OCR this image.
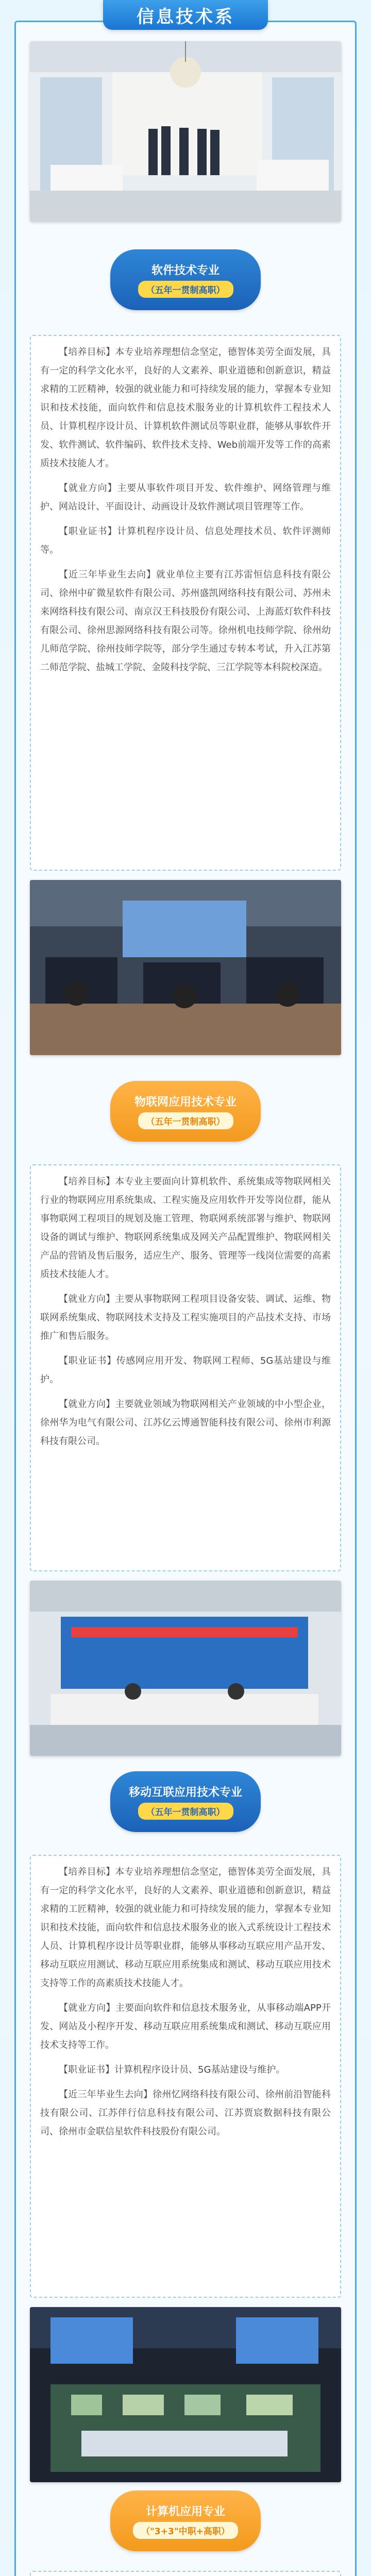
信息技术系
软件技术专业
（五年一贯制高职）

【培养目标】本专业培养理想信念坚定，德智体美劳全面发展，具有一定的科学文化水平，良好的人文素养、职业道德和创新意识，精益求精的工匠精神，较强的就业能力和可持续发展的能力，掌握本专业知识和技术技能，面向软件和信息技术服务业的计算机软件工程技术人员、计算机程序设计员、计算机软件测试员等职业群，能够从事软件开发、软件测试、软件编码、软件技术支持、Web前端开发等工作的高素质技术技能人才。

【就业方向】主要从事软件项目开发、软件维护、网络管理与维护、网站设计、平面设计、动画设计及软件测试项目管理等工作。

【职业证书】计算机程序设计员、信息处理技术员、软件评测师等。

【近三年毕业生去向】就业单位主要有江苏雷恒信息科技有限公司、徐州中矿微星软件有限公司、苏州盛凯网络科技有限公司、苏州未来网络科技有限公司、南京汉王科技股份有限公司、上海蓝灯软件科技有限公司、徐州思源网络科技有限公司等。徐州机电技师学院、徐州幼儿师范学院、徐州技师学院等，部分学生通过专转本考试，升入江苏第二师范学院、盐城工学院、金陵科技学院、三江学院等本科院校深造。

物联网应用技术专业
（五年一贯制高职）

【培养目标】本专业主要面向计算机软件、系统集成等物联网相关行业的物联网应用系统集成、工程实施及应用软件开发等岗位群，能从事物联网工程项目的规划及施工管理、物联网系统部署与维护、物联网设备的调试与维护、物联网系统集成及网关产品配置维护、物联网相关产品的营销及售后服务，适应生产、服务、管理等一线岗位需要的高素质技术技能人才。

【就业方向】主要从事物联网工程项目设备安装、调试、运维、物联网系统集成、物联网技术支持及工程实施项目的产品技术支持、市场推广和售后服务。

【职业证书】传感网应用开发、物联网工程师、5G基站建设与维护。

【就业方向】主要就业领域为物联网相关产业领域的中小型企业，徐州华为电气有限公司、江苏亿云博通智能科技有限公司、徐州市利源科技有限公司。

移动互联应用技术专业
（五年一贯制高职）

【培养目标】本专业培养理想信念坚定，德智体美劳全面发展，具有一定的科学文化水平，良好的人文素养、职业道德和创新意识，精益求精的工匠精神，较强的就业能力和可持续发展的能力，掌握本专业知识和技术技能，面向软件和信息技术服务业的嵌入式系统设计工程技术人员、计算机程序设计员等职业群，能够从事移动互联应用产品开发、移动互联应用测试、移动互联应用系统集成和测试、移动互联应用技术支持等工作的高素质技术技能人才。

【就业方向】主要面向软件和信息技术服务业，从事移动端APP开发、网站及小程序开发、移动互联应用系统集成和测试、移动互联应用技术支持等工作。

【职业证书】计算机程序设计员、5G基站建设与维护。

【近三年毕业生去向】徐州忆网络科技有限公司、徐州前沿智能科技有限公司、江苏伴行信息科技有限公司、江苏贾宸数据科技有限公司、徐州市金联信星软件科技股份有限公司。

计算机应用专业
（"3+3"中职+高职）
